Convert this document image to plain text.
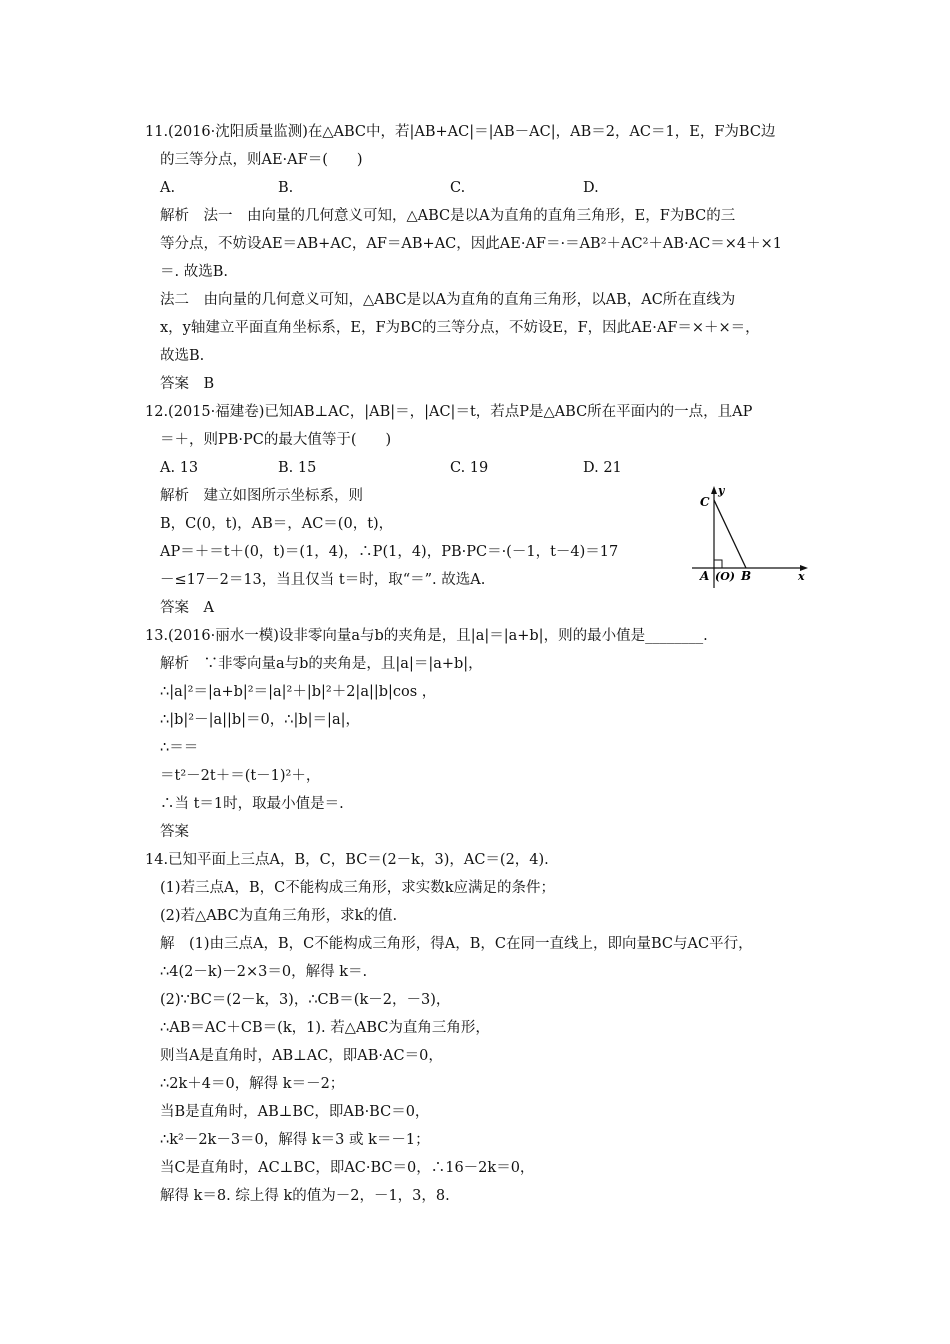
11.(2016·沈阳质量监测)在△ABC中，若|AB+AC|＝|AB－AC|，AB＝2，AC＝1，E，F为BC边
的三等分点，则AE·AF＝(　　)
A.	B.	C.	D.
解析　法一　由向量的几何意义可知，△ABC是以A为直角的直角三角形，E，F为BC的三
等分点，不妨设AE＝AB+AC，AF＝AB+AC，因此AE·AF＝·＝AB²＋AC²＋AB·AC＝×4＋×1
＝. 故选B.
法二　由向量的几何意义可知，△ABC是以A为直角的直角三角形，以AB，AC所在直线为
x，y轴建立平面直角坐标系，E，F为BC的三等分点，不妨设E，F，因此AE·AF＝×＋×＝，
故选B.
答案　B
12.(2015·福建卷)已知AB⊥AC，|AB|＝，|AC|＝t，若点P是△ABC所在平面内的一点，且AP
＝＋，则PB·PC的最大值等于(　　)
A. 13	B. 15	C. 19	D. 21
解析　建立如图所示坐标系，则
B，C(0，t)，AB＝，AC＝(0，t)，
AP＝＋＝t＋(0，t)＝(1，4)，∴P(1，4)，PB·PC＝·(－1，t－4)＝17
－≤17－2＝13，当且仅当 t＝时，取“＝”. 故选A.
答案　A
y
C
A (O) B	x
13.(2016·丽水一模)设非零向量a与b的夹角是，且|a|＝|a+b|，则的最小值是________.
解析　∵非零向量a与b的夹角是，且|a|＝|a+b|，
∴|a|²＝|a+b|²＝|a|²＋|b|²＋2|a||b|cos ，
∴|b|²－|a||b|＝0，∴|b|＝|a|，
∴＝＝
＝t²－2t＋＝(t－1)²＋，
∴当 t＝1时，取最小值是＝.
答案
14.已知平面上三点A，B，C，BC＝(2－k，3)，AC＝(2，4).
(1)若三点A，B，C不能构成三角形，求实数k应满足的条件；
(2)若△ABC为直角三角形，求k的值.
解　(1)由三点A，B，C不能构成三角形，得A，B，C在同一直线上，即向量BC与AC平行，
∴4(2－k)－2×3＝0，解得 k＝.
(2)∵BC＝(2－k，3)，∴CB＝(k－2，－3)，
∴AB＝AC＋CB＝(k，1). 若△ABC为直角三角形，
则当A是直角时，AB⊥AC，即AB·AC＝0，
∴2k＋4＝0，解得 k＝－2；
当B是直角时，AB⊥BC，即AB·BC＝0，
∴k²－2k－3＝0，解得 k＝3 或 k＝－1；
当C是直角时，AC⊥BC，即AC·BC＝0，∴16－2k＝0，
解得 k＝8. 综上得 k的值为－2，－1，3，8.
